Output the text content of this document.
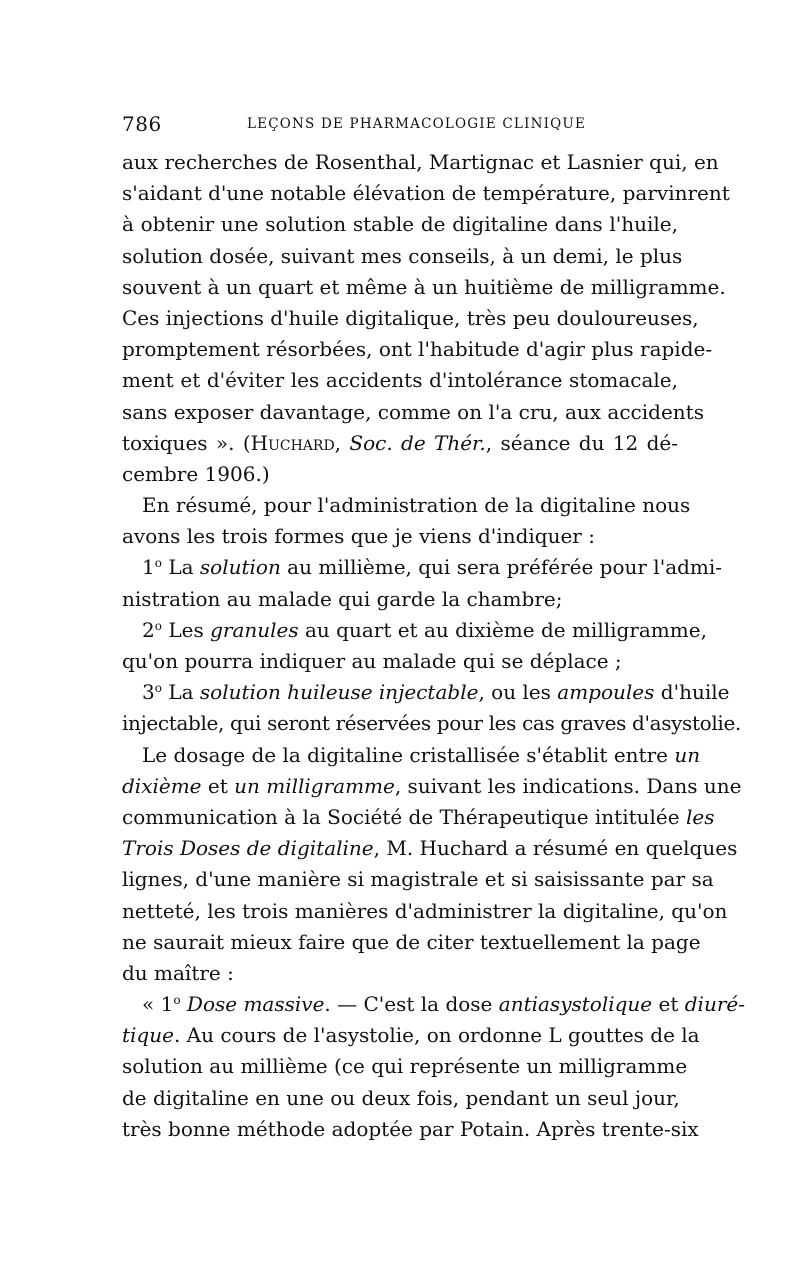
786	LEÇONS DE PHARMACOLOGIE CLINIQUE
aux recherches de Rosenthal, Martignac et Lasnier qui, en
s'aidant d'une notable élévation de température, parvinrent
à obtenir une solution stable de digitaline dans l'huile,
solution dosée, suivant mes conseils, à un demi, le plus
souvent à un quart et même à un huitième de milligramme.
Ces injections d'huile digitalique, très peu douloureuses,
promptement résorbées, ont l'habitude d'agir plus rapide-
ment et d'éviter les accidents d'intolérance stomacale,
sans exposer davantage, comme on l'a cru, aux accidents
toxiques ». (Huchard, Soc. de Thér., séance du 12 dé-
cembre 1906.)
En résumé, pour l'administration de la digitaline nous
avons les trois formes que je viens d'indiquer :
1$^o$ La solution au millième, qui sera préférée pour l'admi-
nistration au malade qui garde la chambre;
2$^o$ Les granules au quart et au dixième de milligramme,
qu'on pourra indiquer au malade qui se déplace ;
3$^o$ La solution huileuse injectable, ou les ampoules d'huile
injectable, qui seront réservées pour les cas graves d'asystolie.
Le dosage de la digitaline cristallisée s'établit entre un
dixième et un milligramme, suivant les indications. Dans une
communication à la Société de Thérapeutique intitulée les
Trois Doses de digitaline, M. Huchard a résumé en quelques
lignes, d'une manière si magistrale et si saisissante par sa
netteté, les trois manières d'administrer la digitaline, qu'on
ne saurait mieux faire que de citer textuellement la page
du maître :
« 1$^o$ Dose massive. — C'est la dose antiasystolique et diuré-
tique. Au cours de l'asystolie, on ordonne L gouttes de la
solution au millième (ce qui représente un milligramme
de digitaline en une ou deux fois, pendant un seul jour,
très bonne méthode adoptée par Potain. Après trente-six
